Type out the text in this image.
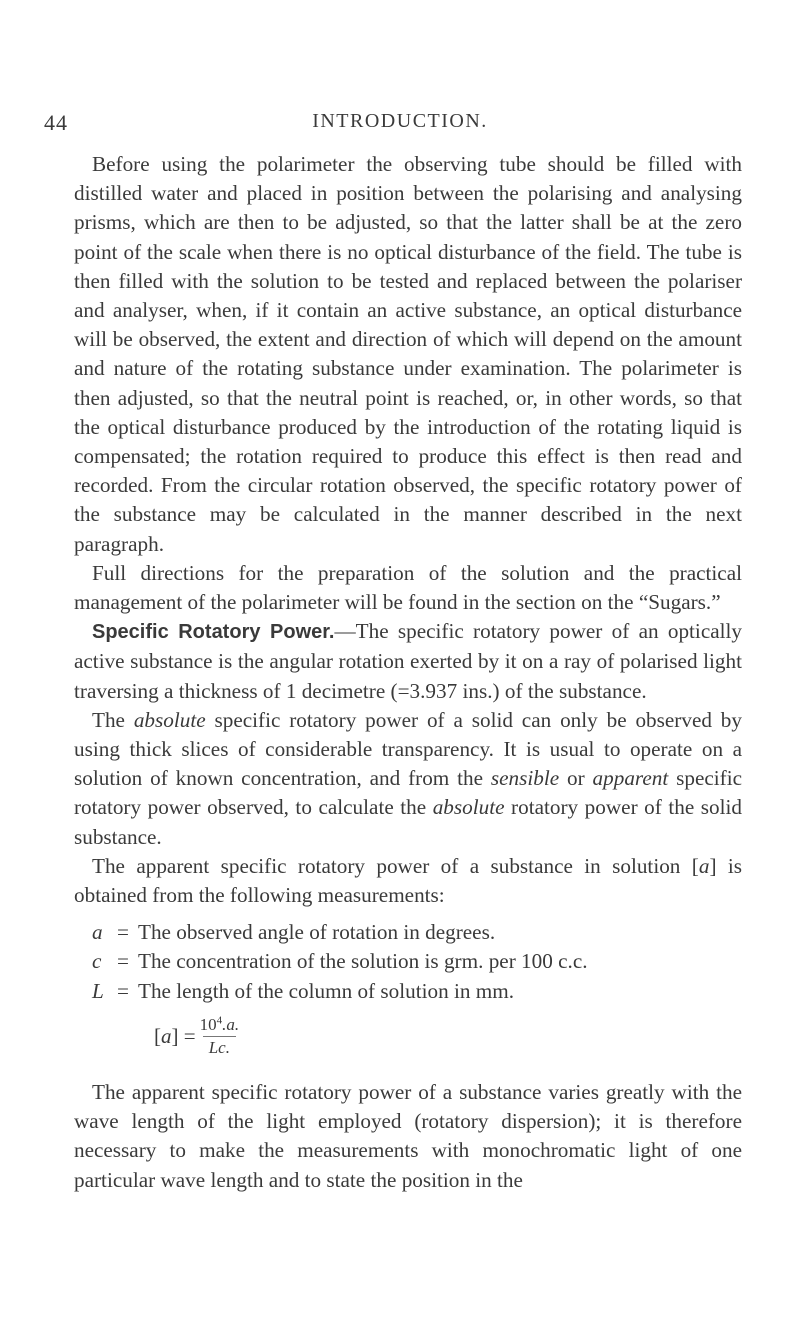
44	INTRODUCTION.

Before using the polarimeter the observing tube should be filled with distilled water and placed in position between the polarising and analysing prisms, which are then to be adjusted, so that the latter shall be at the zero point of the scale when there is no optical disturbance of the field. The tube is then filled with the solution to be tested and replaced between the polariser and analyser, when, if it contain an active substance, an optical disturbance will be observed, the extent and direction of which will depend on the amount and nature of the rotating substance under examination. The polarimeter is then adjusted, so that the neutral point is reached, or, in other words, so that the optical disturbance produced by the introduction of the rotating liquid is compensated; the rotation required to produce this effect is then read and recorded. From the circular rotation observed, the specific rotatory power of the substance may be calculated in the manner described in the next paragraph.

Full directions for the preparation of the solution and the practical management of the polarimeter will be found in the section on the “Sugars.”

Specific Rotatory Power.—The specific rotatory power of an optically active substance is the angular rotation exerted by it on a ray of polarised light traversing a thickness of 1 decimetre (=3.937 ins.) of the substance.

The absolute specific rotatory power of a solid can only be observed by using thick slices of considerable transparency. It is usual to operate on a solution of known concentration, and from the sensible or apparent specific rotatory power observed, to calculate the absolute rotatory power of the solid substance.

The apparent specific rotatory power of a substance in solution [a] is obtained from the following measurements:

a = The observed angle of rotation in degrees.
c = The concentration of the solution is grm. per 100 c.c.
L = The length of the column of solution in mm.
$[a] = \frac{10^4.a.}{Lc.}$

The apparent specific rotatory power of a substance varies greatly with the wave length of the light employed (rotatory dispersion); it is therefore necessary to make the measurements with monochromatic light of one particular wave length and to state the position in the
